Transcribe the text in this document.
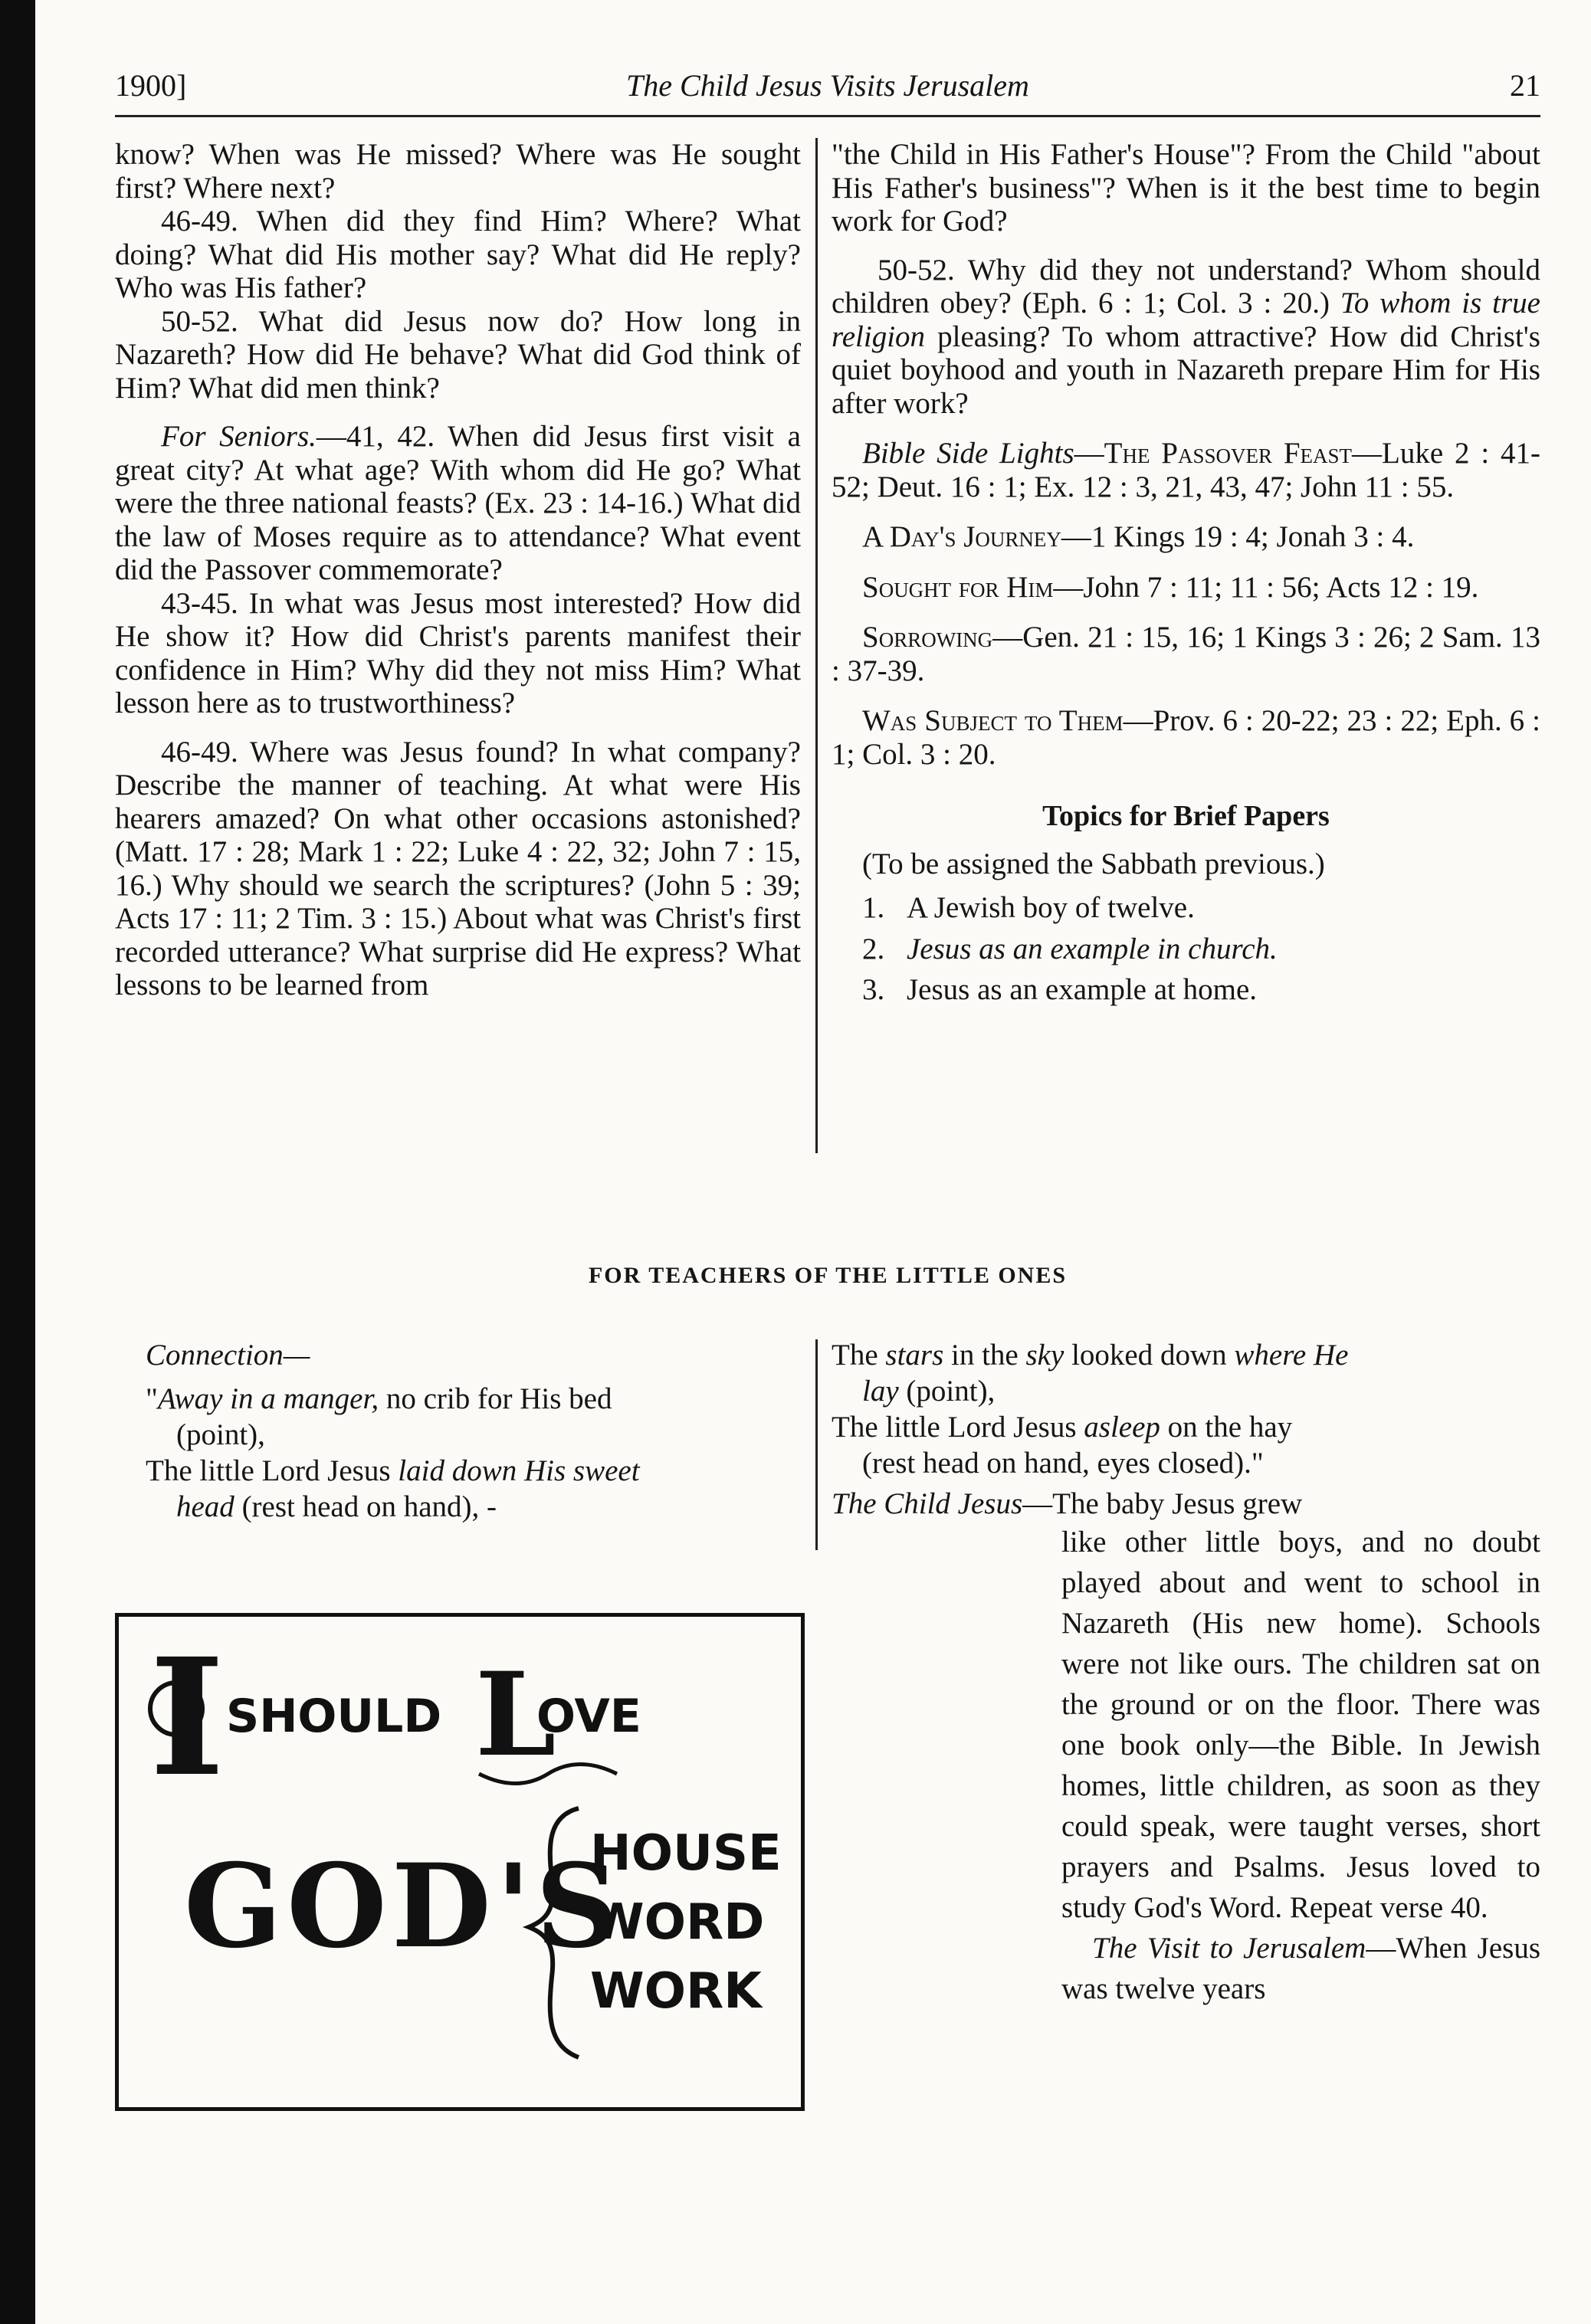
The Child Jesus Visits Jerusalem
1900]	21

know? When was He missed? Where was He sought first? Where next?

46-49. When did they find Him? Where? What doing? What did His mother say? What did He reply? Who was His father?

50-52. What did Jesus now do? How long in Nazareth? How did He behave? What did God think of Him? What did men think?

For Seniors.—41, 42. When did Jesus first visit a great city? At what age? With whom did He go? What were the three national feasts? (Ex. 23 : 14-16.) What did the law of Moses require as to attendance? What event did the Passover commemorate?

43-45. In what was Jesus most interested? How did He show it? How did Christ's parents manifest their confidence in Him? Why did they not miss Him? What lesson here as to trustworthiness?

46-49. Where was Jesus found? In what company? Describe the manner of teaching. At what were His hearers amazed? On what other occasions astonished? (Matt. 17 : 28; Mark 1 : 22; Luke 4 : 22, 32; John 7 : 15, 16.) Why should we search the scriptures? (John 5 : 39; Acts 17 : 11; 2 Tim. 3 : 15.) About what was Christ's first recorded utterance? What surprise did He express? What lessons to be learned from

"the Child in His Father's House"? From the Child "about His Father's business"? When is it the best time to begin work for God?

50-52. Why did they not understand? Whom should children obey? (Eph. 6 : 1; Col. 3 : 20.) To whom is true religion pleasing? To whom attractive? How did Christ's quiet boyhood and youth in Nazareth prepare Him for His after work?

Bible Side Lights—The Passover Feast—Luke 2 : 41-52; Deut. 16 : 1; Ex. 12 : 3, 21, 43, 47; John 11 : 55.

A Day's Journey—1 Kings 19 : 4; Jonah 3 : 4.

Sought for Him—John 7 : 11; 11 : 56; Acts 12 : 19.

Sorrowing—Gen. 21 : 15, 16; 1 Kings 3 : 26; 2 Sam. 13 : 37-39.

Was Subject to Them—Prov. 6 : 20-22; 23 : 22; Eph. 6 : 1; Col. 3 : 20.

Topics for Brief Papers

(To be assigned the Sabbath previous.)

1. A Jewish boy of twelve.
2. Jesus as an example in church.
3. Jesus as an example at home.
FOR TEACHERS OF THE LITTLE ONES

Connection—

"Away in a manger, no crib for His bed

(point),

The little Lord Jesus laid down His sweet

head (rest head on hand), -

The stars in the sky looked down where He

lay (point),

The little Lord Jesus asleep on the hay

(rest head on hand, eyes closed)."

The Child Jesus—The baby Jesus grew

like other little boys, and no doubt played about and went to school in Nazareth (His new home). Schools were not like ours. The children sat on the ground or on the floor. There was one book only—the Bible. In Jewish homes, little children, as soon as they could speak, were taught verses, short prayers and Psalms. Jesus loved to study God's Word. Repeat verse 40.

The Visit to Jerusalem—When Jesus was twelve years

I SHOULD L
OVE
GOD'S
HOUSE
WORD
WORK
